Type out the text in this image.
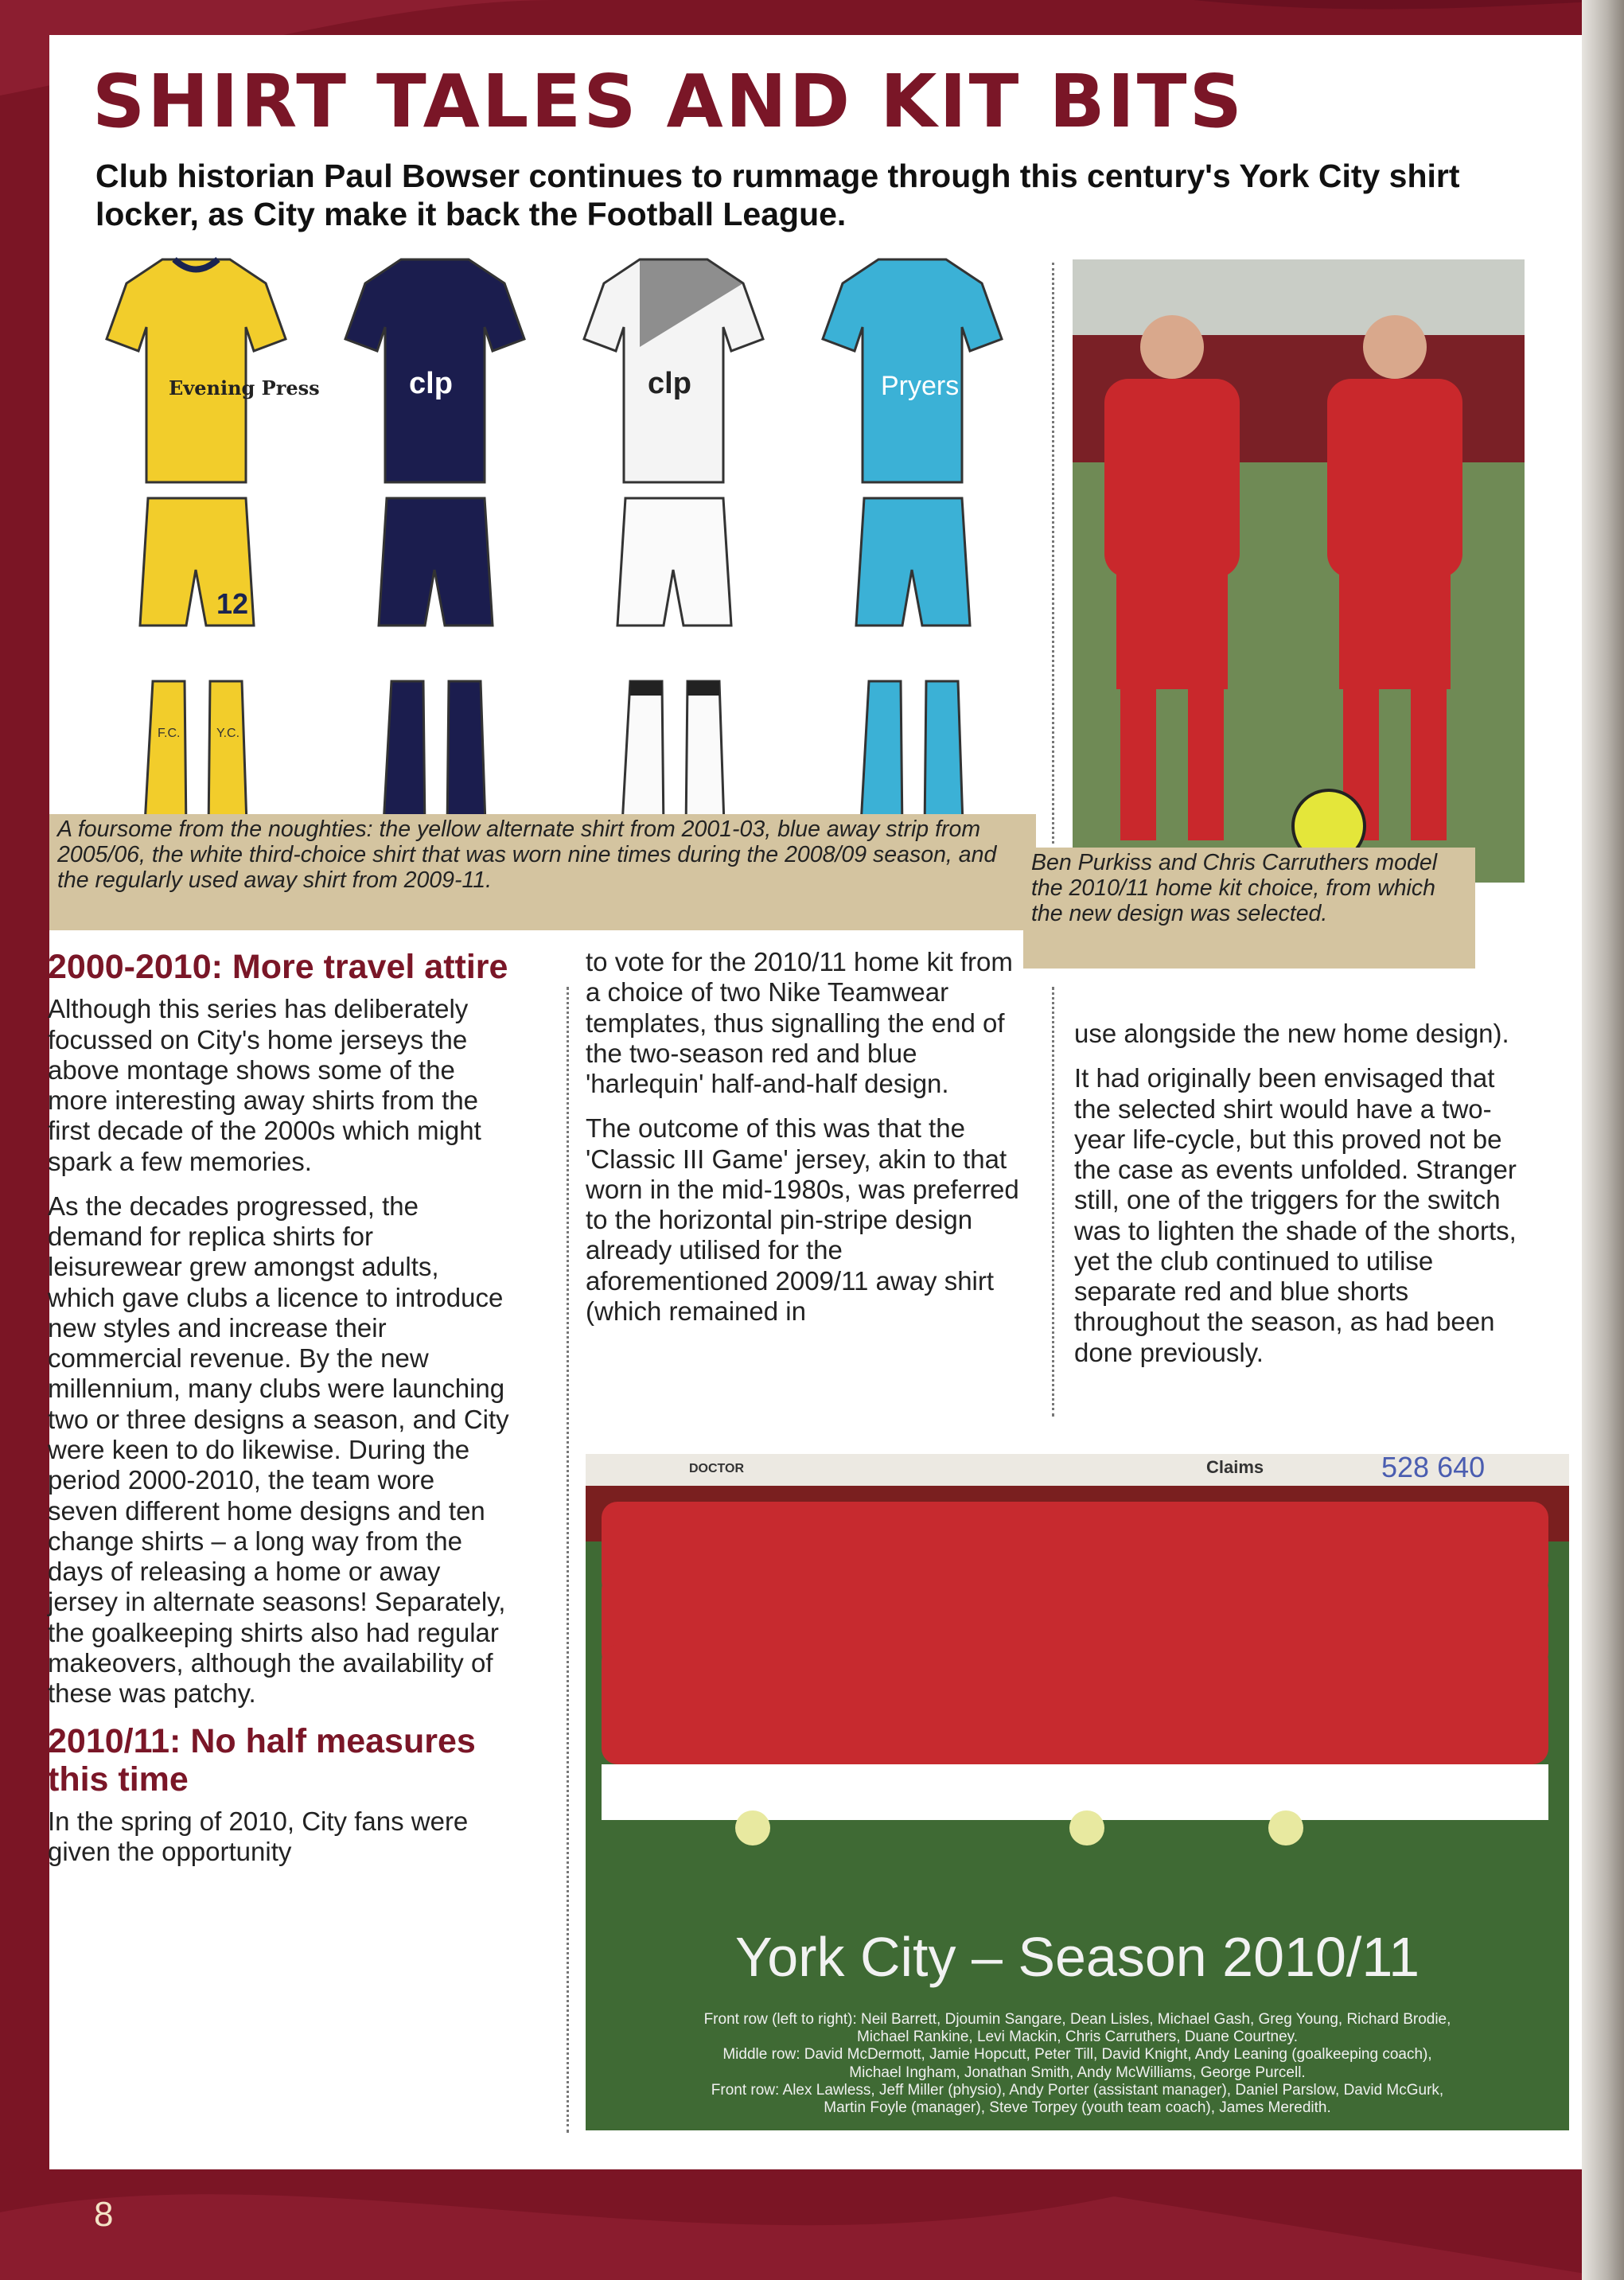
SHIRT TALES AND KIT BITS

Club historian Paul Bowser continues to rummage through this century's York City shirt locker, as City make it back the Football League.

Evening Press
12
F.C.	Y.C.
clp	clp	Pryers
A foursome from the noughties: the yellow alternate shirt from 2001-03, blue away strip from 2005/06, the white third-choice shirt that was worn nine times during the 2008/09 season, and the regularly used away shirt from 2009-11.
Ben Purkiss and Chris Carruthers model the 2010/11 home kit choice, from which the new design was selected.
2000-2010: More travel attire

Although this series has deliberately focussed on City's home jerseys the above montage shows some of the more interesting away shirts from the first decade of the 2000s which might spark a few memories.

As the decades progressed, the demand for replica shirts for leisurewear grew amongst adults, which gave clubs a licence to introduce new styles and increase their commercial revenue. By the new millennium, many clubs were launching two or three designs a season, and City were keen to do likewise. During the period 2000-2010, the team wore seven different home designs and ten change shirts – a long way from the days of releasing a home or away jersey in alternate seasons! Separately, the goalkeeping shirts also had regular makeovers, although the availability of these was patchy.

2010/11: No half measures this time

In the spring of 2010, City fans were given the opportunity

to vote for the 2010/11 home kit from a choice of two Nike Teamwear templates, thus signalling the end of the two-season red and blue 'harlequin' half-and-half design.

The outcome of this was that the 'Classic III Game' jersey, akin to that worn in the mid-1980s, was preferred to the horizontal pin-stripe design already utilised for the aforementioned 2009/11 away shirt (which remained in

use alongside the new home design).

It had originally been envisaged that the selected shirt would have a two-year life-cycle, but this proved not be the case as events unfolded. Stranger still, one of the triggers for the switch was to lighten the shade of the shorts, yet the club continued to utilise separate red and blue shorts throughout the season, as had been done previously.

DOCTOR	Claims	528 640
York City – Season 2010/11
Front row (left to right): Neil Barrett, Djoumin Sangare, Dean Lisles, Michael Gash, Greg Young, Richard Brodie,
Michael Rankine, Levi Mackin, Chris Carruthers, Duane Courtney.
Middle row: David McDermott, Jamie Hopcutt, Peter Till, David Knight, Andy Leaning (goalkeeping coach),
Michael Ingham, Jonathan Smith, Andy McWilliams, George Purcell.
Front row: Alex Lawless, Jeff Miller (physio), Andy Porter (assistant manager), Daniel Parslow, David McGurk,
Martin Foyle (manager), Steve Torpey (youth team coach), James Meredith.
8
